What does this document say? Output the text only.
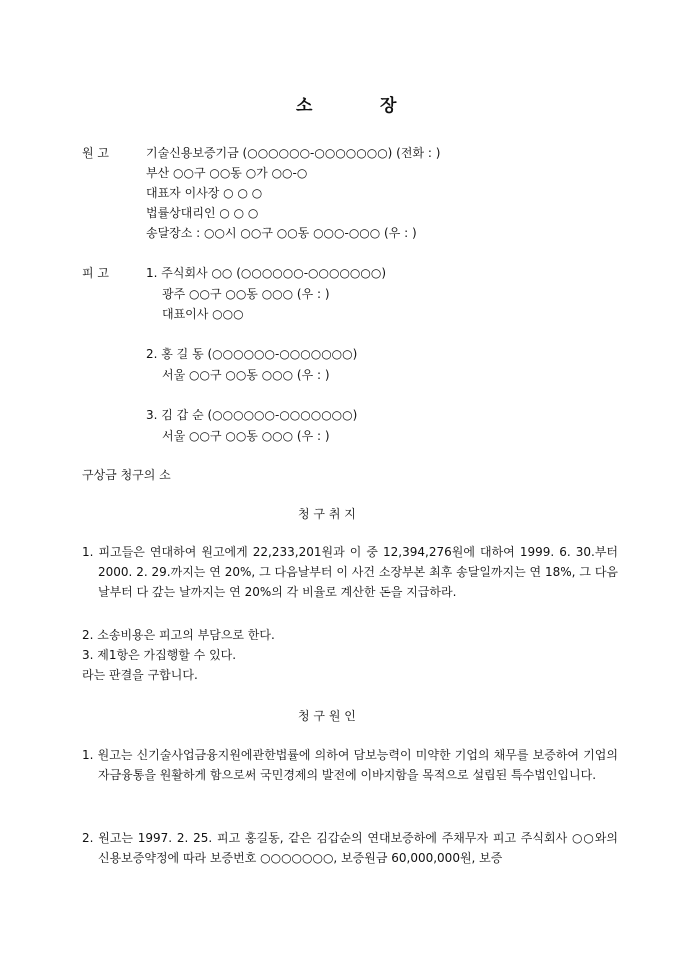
소	장
원 고	기술신용보증기금 (○○○○○○-○○○○○○○) (전화 : )
부산 ○○구 ○○동 ○가 ○○-○
대표자 이사장 ○ ○ ○
법률상대리인 ○ ○ ○
송달장소 : ○○시 ○○구 ○○동 ○○○-○○○ (우 : )
피 고	1. 주식회사 ○○ (○○○○○○-○○○○○○○)
광주 ○○구 ○○동 ○○○ (우 : )
대표이사 ○○○
2. 홍 길 동 (○○○○○○-○○○○○○○)
서울 ○○구 ○○동 ○○○ (우 : )
3. 김 갑 순 (○○○○○○-○○○○○○○)
서울 ○○구 ○○동 ○○○ (우 : )
구상금 청구의 소
청 구 취 지
1. 피고들은 연대하여 원고에게 22,233,201원과 이 중 12,394,276원에 대하여 1999. 6. 30.부터 2000. 2. 29.까지는 연 20%, 그 다음날부터 이 사건 소장부본 최후 송달일까지는 연 18%, 그 다음날부터 다 갚는 날까지는 연 20%의 각 비율로 계산한 돈을 지급하라.
2. 소송비용은 피고의 부담으로 한다.
3. 제1항은 가집행할 수 있다.
라는 판결을 구합니다.
청 구 원 인
1. 원고는 신기술사업금융지원에관한법률에 의하여 담보능력이 미약한 기업의 채무를 보증하여 기업의 자금융통을 원활하게 함으로써 국민경제의 발전에 이바지함을 목적으로 설립된 특수법인입니다.
2. 원고는 1997. 2. 25. 피고 홍길동, 같은 김갑순의 연대보증하에 주채무자 피고 주식회사 ○○와의 신용보증약정에 따라 보증번호 ○○○○○○○, 보증원금 60,000,000원, 보증
